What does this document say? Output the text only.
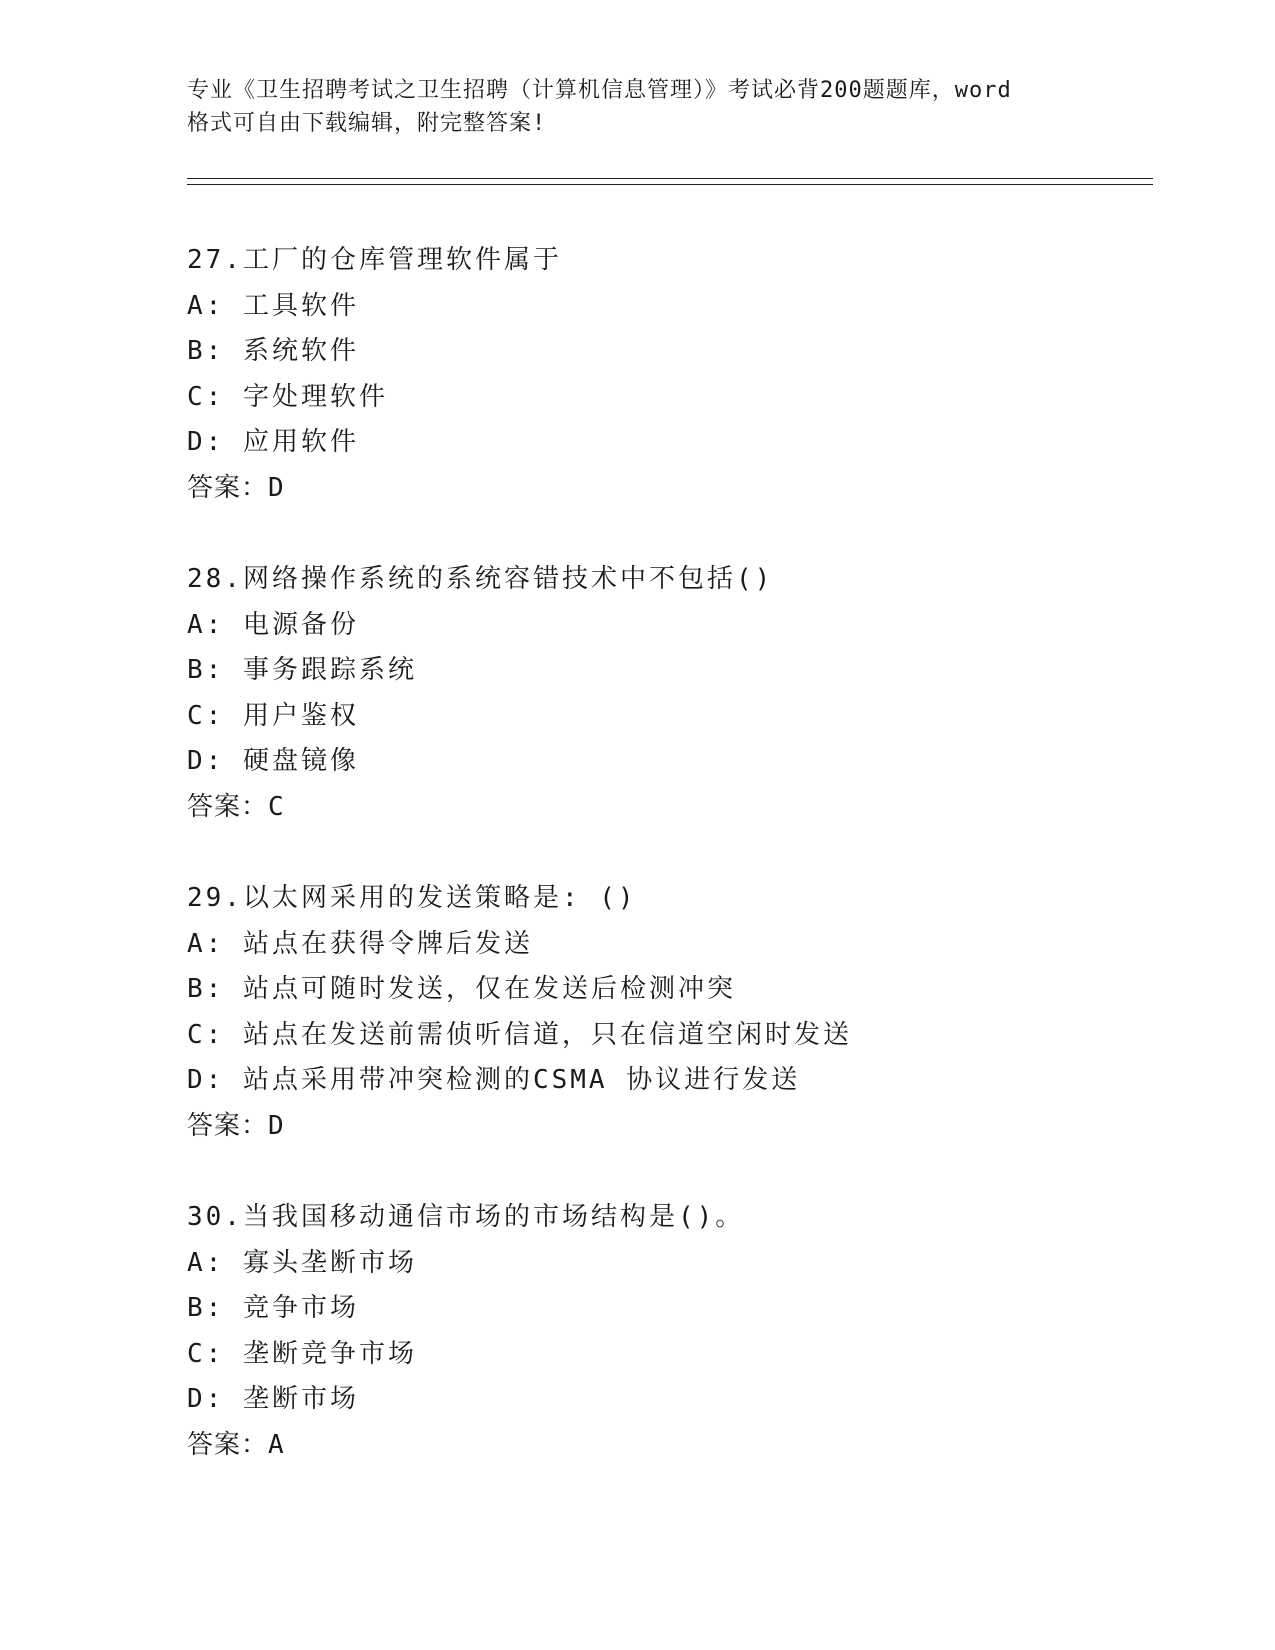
专业《卫生招聘考试之卫生招聘（计算机信息管理）》考试必背200题题库，word
格式可自由下载编辑，附完整答案!
27.工厂的仓库管理软件属于
A: 工具软件
B: 系统软件
C: 字处理软件
D: 应用软件
答案：D
28.网络操作系统的系统容错技术中不包括()
A: 电源备份
B: 事务跟踪系统
C: 用户鉴权
D: 硬盘镜像
答案：C
29.以太网采用的发送策略是: ()
A: 站点在获得令牌后发送
B: 站点可随时发送，仅在发送后检测冲突
C: 站点在发送前需侦听信道，只在信道空闲时发送
D: 站点采用带冲突检测的CSMA 协议进行发送
答案：D
30.当我国移动通信市场的市场结构是()。
A: 寡头垄断市场
B: 竞争市场
C: 垄断竞争市场
D: 垄断市场
答案：A
